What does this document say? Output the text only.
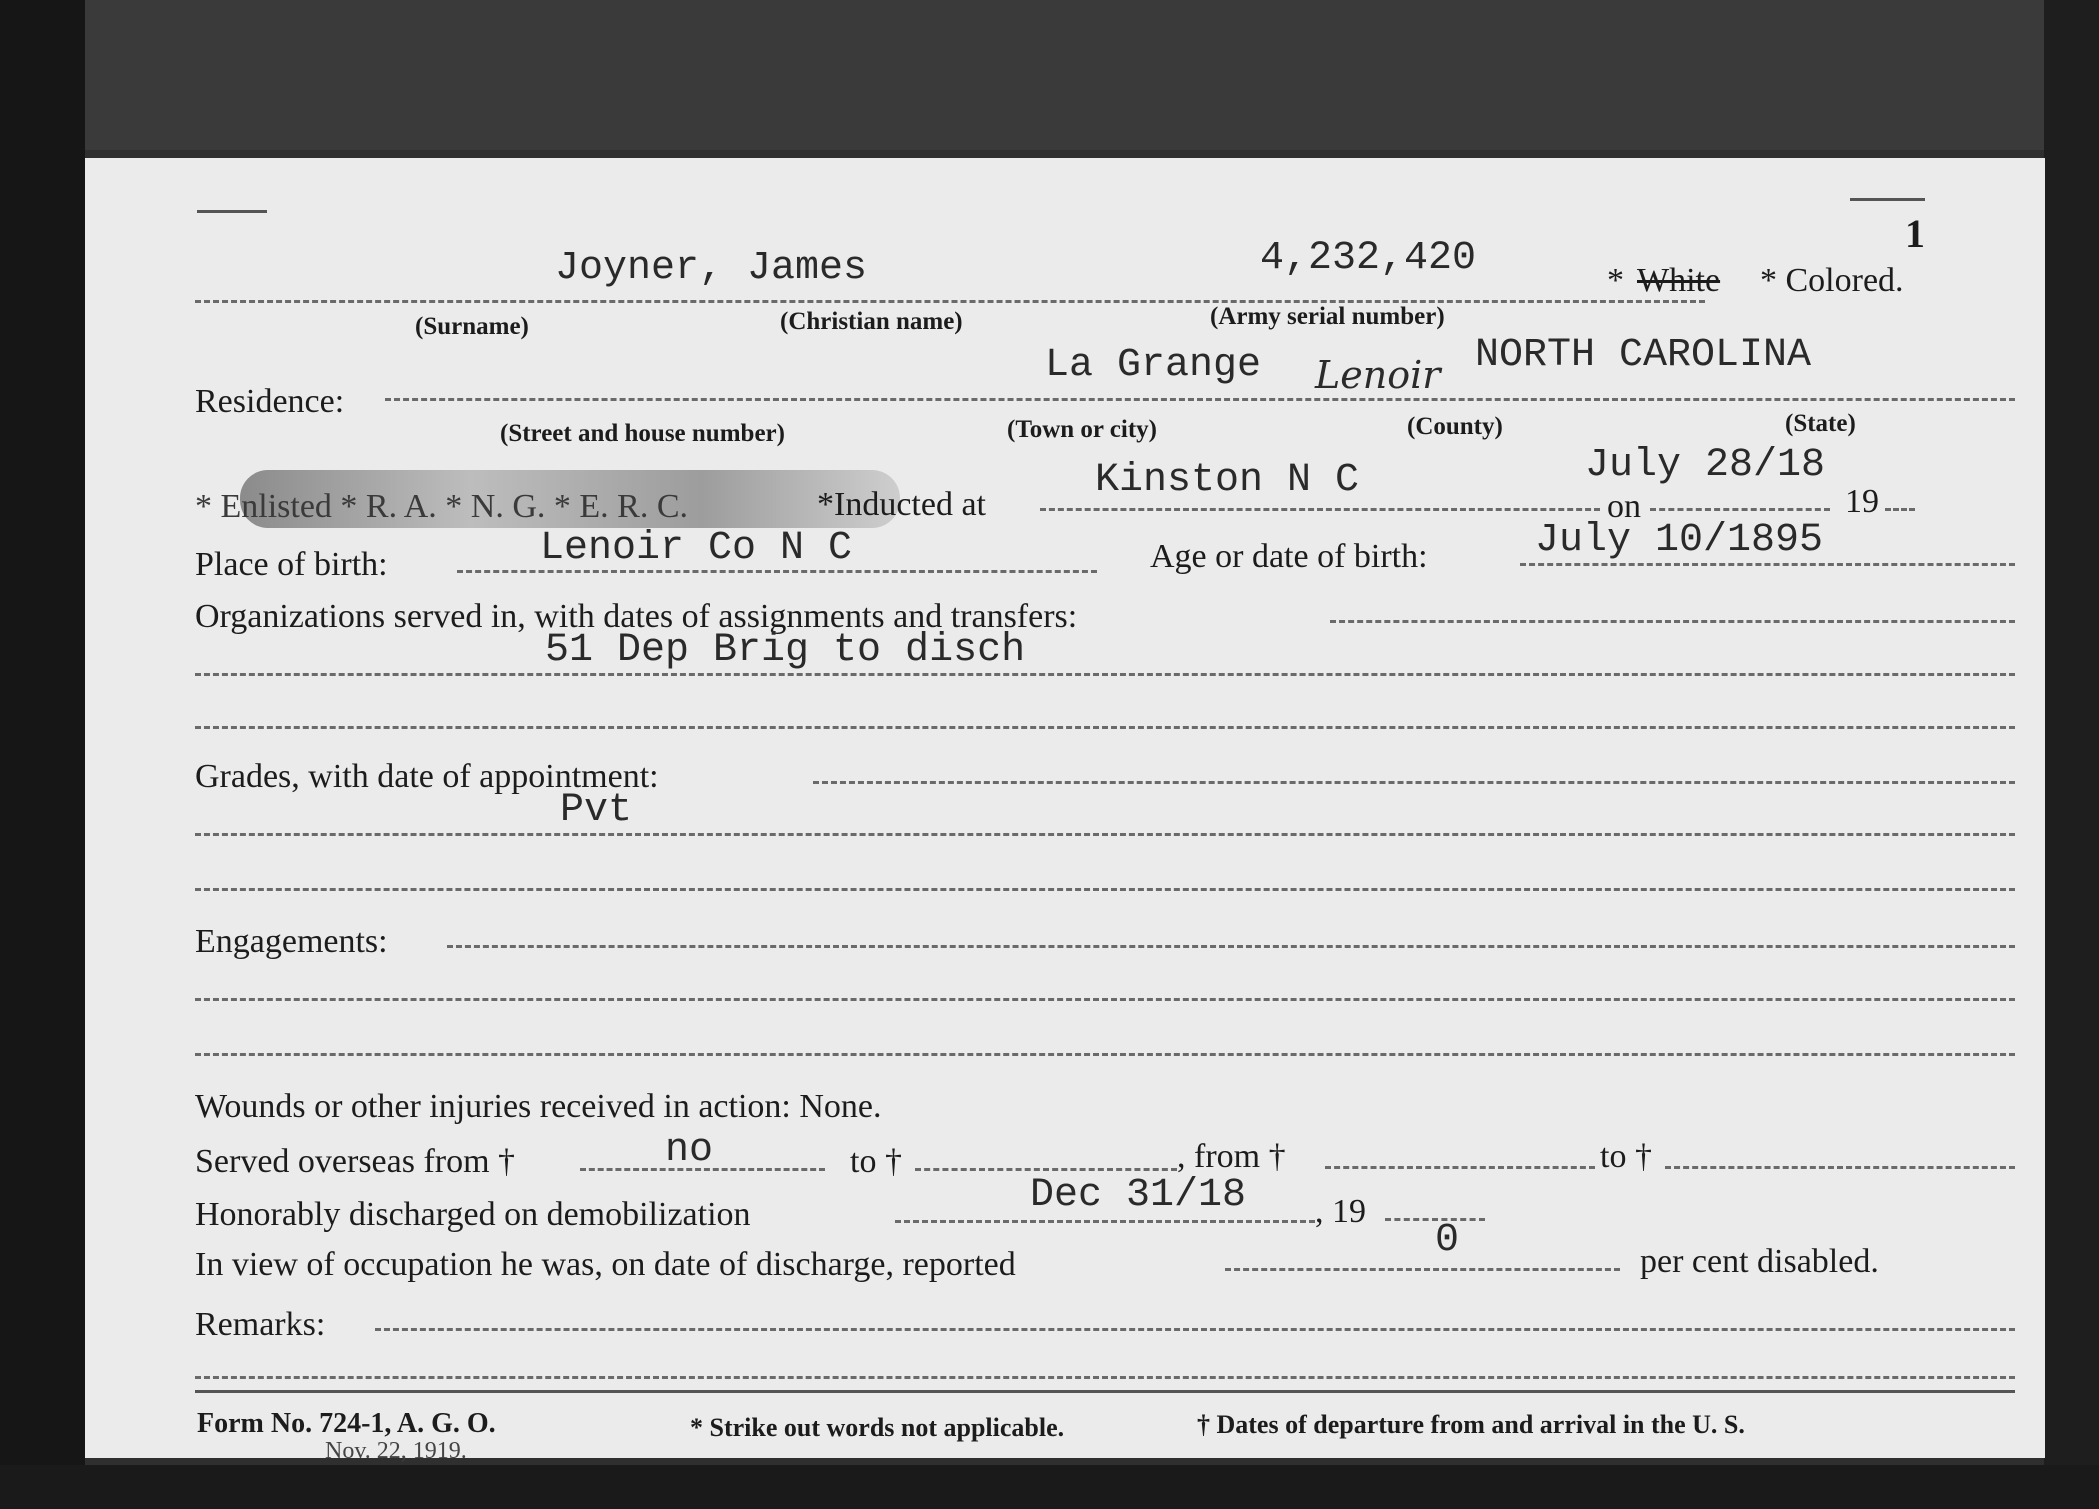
1
Joyner, James	4,232,420	* White * Colored.
(Surname)	(Christian name)	(Army serial number)
Residence:
La Grange Lenoir NORTH CAROLINA
(Street and house number)	(Town or city)	(County)	(State)
* Enlisted * R. A. * N. G. * E. R. C.	*Inducted at
Kinston N C	July 28/18
on	19
Place of birth:	Lenoir Co N C	Age or date of birth:	July 10/1895
Organizations served in, with dates of assignments and transfers:
51 Dep Brig to disch
Grades, with date of appointment:
Pvt
Engagements:
Wounds or other injuries received in action: None.
Served overseas from †	no	to †	, from †	to †
Honorably discharged on demobilization	Dec 31/18 , 19
In view of occupation he was, on date of discharge, reported
0	per cent disabled.
Remarks:
Form No. 724-1, A. G. O.
Nov. 22, 1919.
* Strike out words not applicable.	† Dates of departure from and arrival in the U. S.
